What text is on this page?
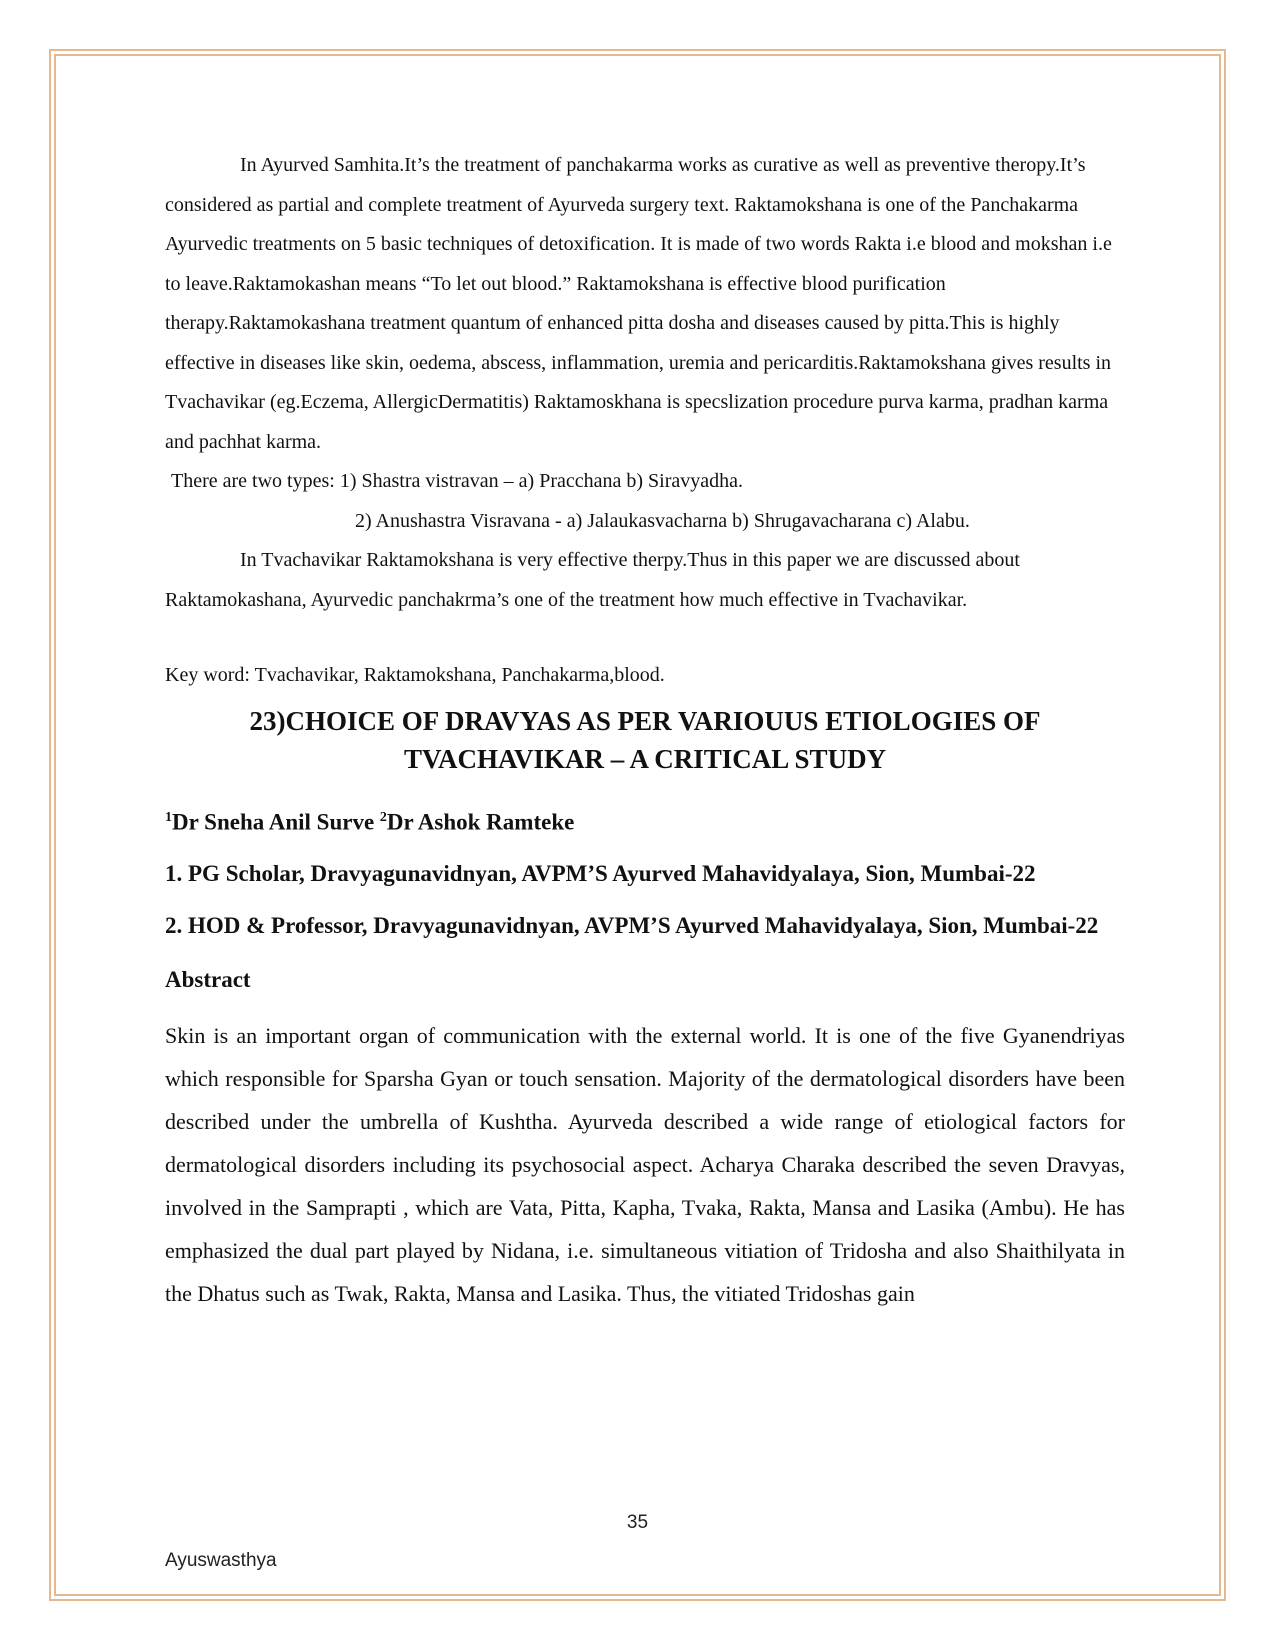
In Ayurved Samhita.It’s the treatment of panchakarma works as curative as well as preventive theropy.It’s considered as partial and complete treatment of Ayurveda surgery text. Raktamokshana is one of the Panchakarma Ayurvedic treatments on 5 basic techniques of detoxification. It is made of two words Rakta i.e blood and mokshan i.e to leave.Raktamokashan means “To let out blood.” Raktamokshana is effective blood purification therapy.Raktamokashana treatment quantum of enhanced pitta dosha and diseases caused by pitta.This is highly effective in diseases like skin, oedema, abscess, inflammation, uremia and pericarditis.Raktamokshana gives results in Tvachavikar (eg.Eczema, AllergicDermatitis) Raktamoskhana is specslization procedure purva karma, pradhan karma and pachhat karma.

There are two types: 1) Shastra vistravan – a) Pracchana b) Siravyadha.

2) Anushastra Visravana - a) Jalaukasvacharna b) Shrugavacharana c) Alabu.

In Tvachavikar Raktamokshana is very effective therpy.Thus in this paper we are discussed about Raktamokashana, Ayurvedic panchakrma’s one of the treatment how much effective in Tvachavikar.

Key word: Tvachavikar, Raktamokshana, Panchakarma,blood.

23)CHOICE OF DRAVYAS AS PER VARIOUUS ETIOLOGIES OF
TVACHAVIKAR – A CRITICAL STUDY
$^1$Dr Sneha Anil Surve $^2$Dr Ashok Ramteke
1. PG Scholar, Dravyagunavidnyan, AVPM’S Ayurved Mahavidyalaya, Sion, Mumbai-22
2. HOD & Professor, Dravyagunavidnyan, AVPM’S Ayurved Mahavidyalaya, Sion, Mumbai-22
Abstract

Skin is an important organ of communication with the external world. It is one of the five Gyanendriyas which responsible for Sparsha Gyan or touch sensation. Majority of the dermatological disorders have been described under the umbrella of Kushtha. Ayurveda described a wide range of etiological factors for dermatological disorders including its psychosocial aspect. Acharya Charaka described the seven Dravyas, involved in the Samprapti , which are Vata, Pitta, Kapha, Tvaka, Rakta, Mansa and Lasika (Ambu). He has emphasized the dual part played by Nidana, i.e. simultaneous vitiation of Tridosha and also Shaithilyata in the Dhatus such as Twak, Rakta, Mansa and Lasika. Thus, the vitiated Tridoshas gain

35
Ayuswasthya
